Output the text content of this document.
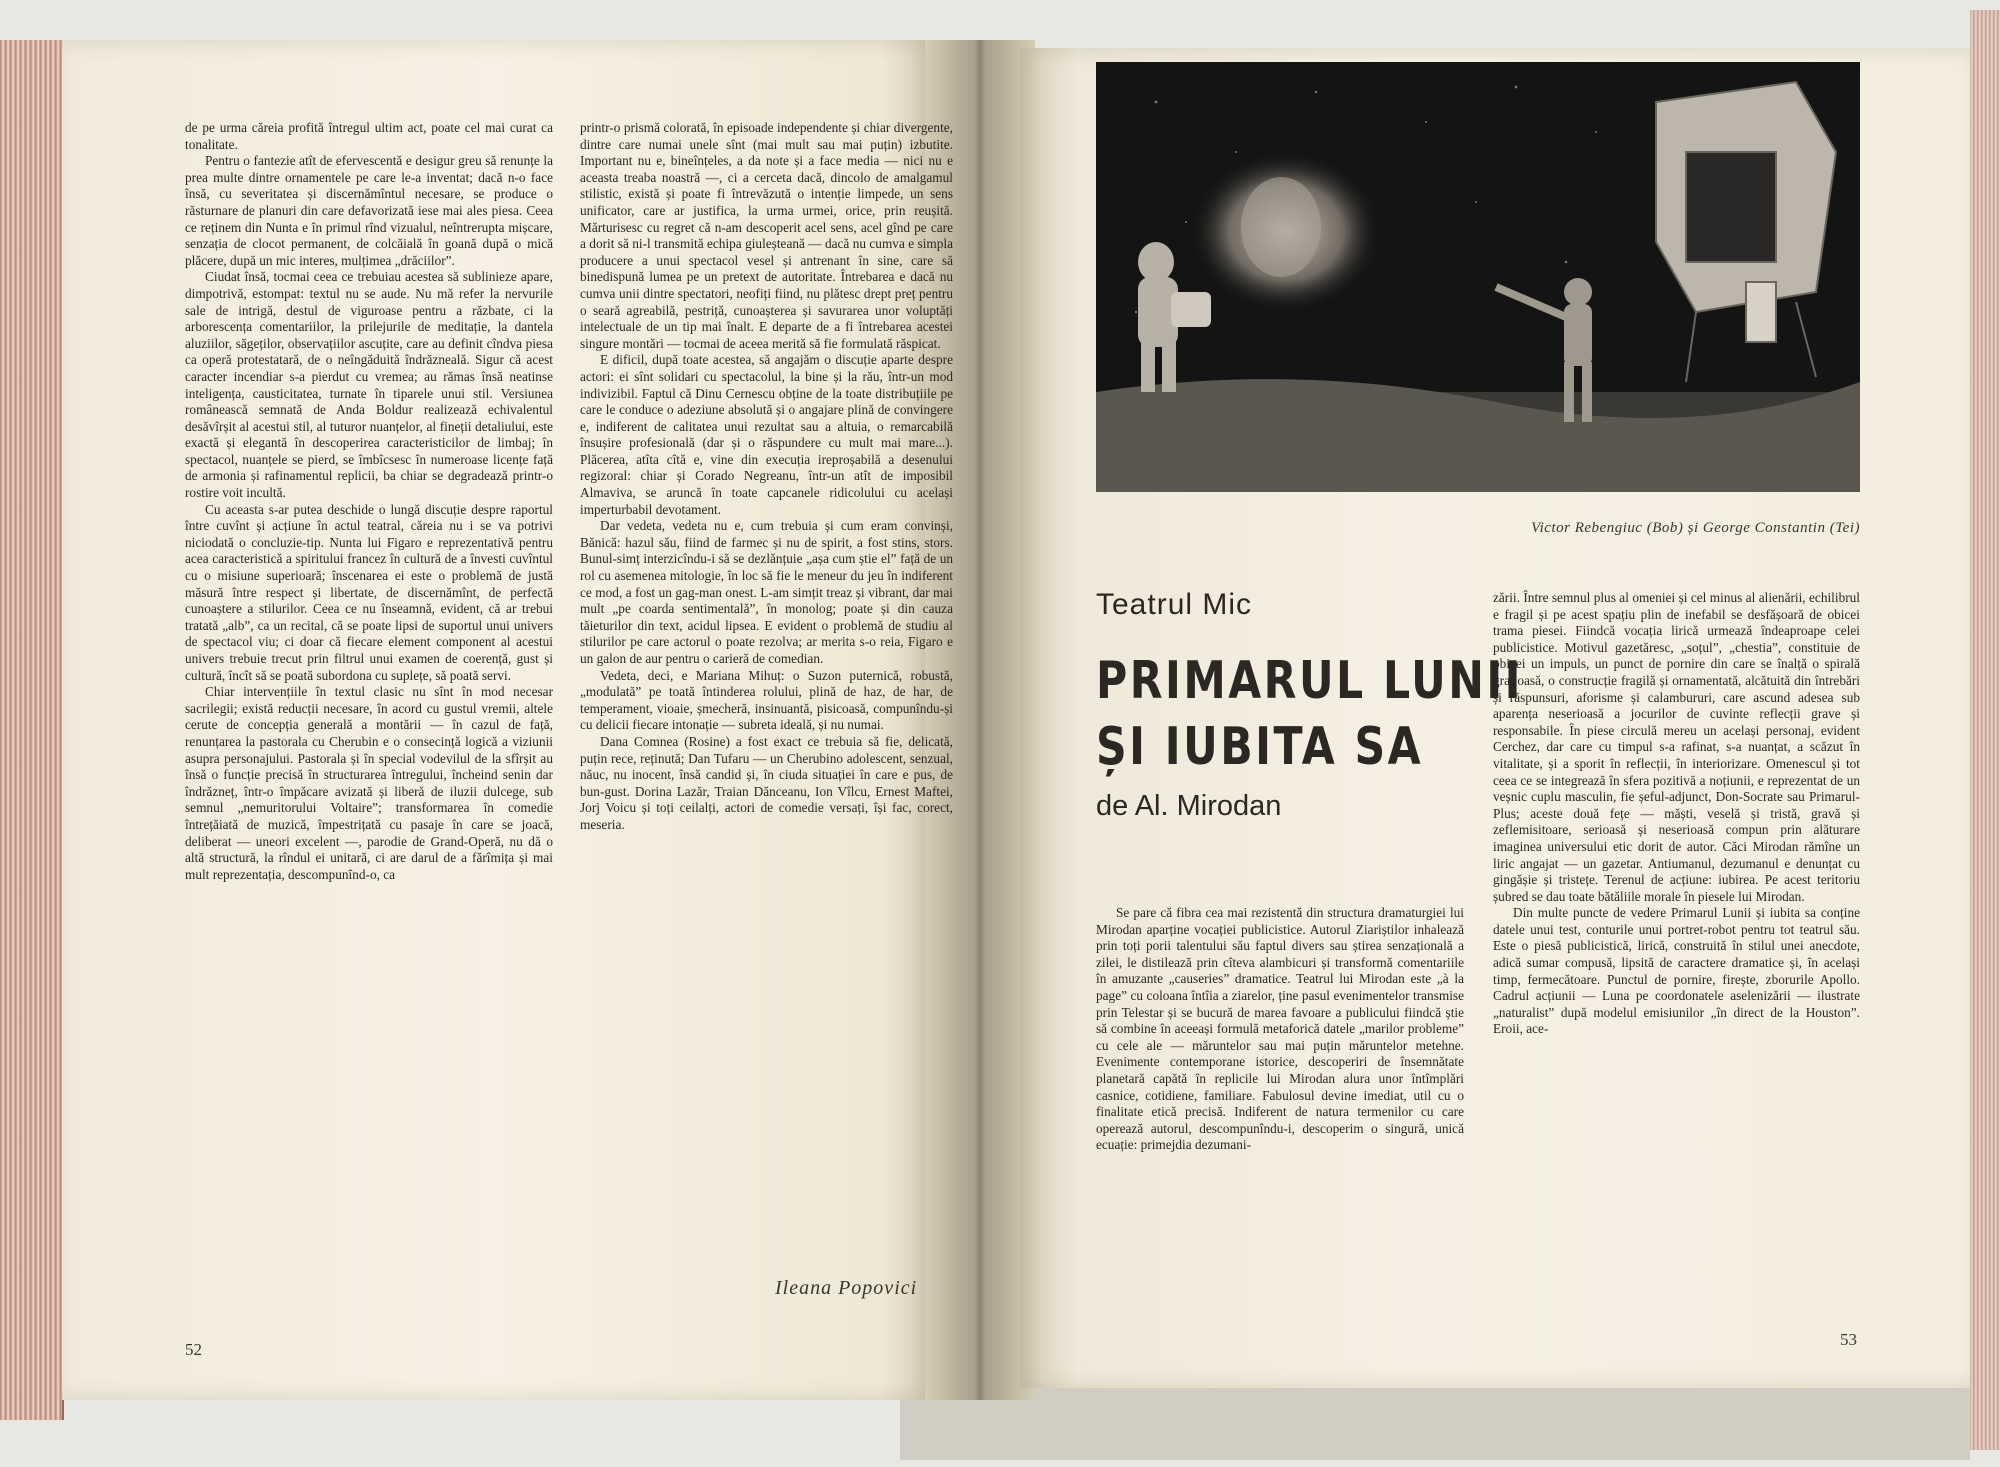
de pe urma căreia profită întregul ultim act, poate cel mai curat ca tonalitate.

Pentru o fantezie atît de efervescentă e desigur greu să renunțe la prea multe dintre ornamentele pe care le-a inventat; dacă n-o face însă, cu severitatea și discernămîntul necesare, se produce o răsturnare de planuri din care defavorizată iese mai ales piesa. Ceea ce reținem din Nunta e în primul rînd vizualul, neîntrerupta mișcare, senzația de clocot permanent, de colcăială în goană după o mică plăcere, după un mic interes, mulțimea „drăciilor”.

Ciudat însă, tocmai ceea ce trebuiau acestea să sublinieze apare, dimpotrivă, estompat: textul nu se aude. Nu mă refer la nervurile sale de intrigă, destul de viguroase pentru a răzbate, ci la arborescența comentariilor, la prilejurile de meditație, la dantela aluziilor, săgeților, observațiilor ascuțite, care au definit cîndva piesa ca operă protestatară, de o neîngăduită îndrăzneală. Sigur că acest caracter incendiar s-a pierdut cu vremea; au rămas însă neatinse inteligența, causticitatea, turnate în tiparele unui stil. Versiunea românească semnată de Anda Boldur realizează echivalentul desăvîrșit al acestui stil, al tuturor nuanțelor, al fineții detaliului, este exactă și elegantă în descoperirea caracteristicilor de limbaj; în spectacol, nuanțele se pierd, se îmbîcsesc în numeroase licențe față de armonia și rafinamentul replicii, ba chiar se degradează printr-o rostire voit incultă.

Cu aceasta s-ar putea deschide o lungă discuție despre raportul între cuvînt și acțiune în actul teatral, căreia nu i se va potrivi niciodată o concluzie-tip. Nunta lui Figaro e reprezentativă pentru acea caracteristică a spiritului francez în cultură de a învesti cuvîntul cu o misiune superioară; înscenarea ei este o problemă de justă măsură între respect și libertate, de discernămînt, de perfectă cunoaștere a stilurilor. Ceea ce nu înseamnă, evident, că ar trebui tratată „alb”, ca un recital, că se poate lipsi de suportul unui univers de spectacol viu; ci doar că fiecare element component al acestui univers trebuie trecut prin filtrul unui examen de coerență, gust și cultură, încît să se poată subordona cu suplețe, să poată servi.

Chiar intervențiile în textul clasic nu sînt în mod necesar sacrilegii; există reducții necesare, în acord cu gustul vremii, altele cerute de concepția generală a montării — în cazul de față, renunțarea la pastorala cu Cherubin e o consecință logică a viziunii asupra personajului. Pastorala și în special vodevilul de la sfîrșit au însă o funcție precisă în structurarea întregului, încheind senin dar îndrăzneț, într-o împăcare avizată și liberă de iluzii dulcege, sub semnul „nemuritorului Voltaire”; transformarea în comedie întrețăiată de muzică, împestrițată cu pasaje în care se joacă, deliberat — uneori excelent —, parodie de Grand-Operă, nu dă o altă structură, la rîndul ei unitară, ci are darul de a fărîmița și mai mult reprezentația, descompunînd-o, ca

printr-o prismă colorată, în episoade independente și chiar divergente, dintre care numai unele sînt (mai mult sau mai puțin) izbutite. Important nu e, bineînțeles, a da note și a face media — nici nu e aceasta treaba noastră —, ci a cerceta dacă, dincolo de amalgamul stilistic, există și poate fi întrevăzută o intenție limpede, un sens unificator, care ar justifica, la urma urmei, orice, prin reușită. Mărturisesc cu regret că n-am descoperit acel sens, acel gînd pe care a dorit să ni-l transmită echipa giuleșteană — dacă nu cumva e simpla producere a unui spectacol vesel și antrenant în sine, care să binedispună lumea pe un pretext de autoritate. Întrebarea e dacă nu cumva unii dintre spectatori, neofiți fiind, nu plătesc drept preț pentru o seară agreabilă, pestriță, cunoașterea și savurarea unor voluptăți intelectuale de un tip mai înalt. E departe de a fi întrebarea acestei singure montări — tocmai de aceea merită să fie formulată răspicat.

E dificil, după toate acestea, să angajăm o discuție aparte despre actori: ei sînt solidari cu spectacolul, la bine și la rău, într-un mod indivizibil. Faptul că Dinu Cernescu obține de la toate distribuțiile pe care le conduce o adeziune absolută și o angajare plină de convingere e, indiferent de calitatea unui rezultat sau a altuia, o remarcabilă însușire profesională (dar și o răspundere cu mult mai mare...). Plăcerea, atîta cîtă e, vine din execuția ireproșabilă a desenului regizoral: chiar și Corado Negreanu, într-un atît de imposibil Almaviva, se aruncă în toate capcanele ridicolului cu același imperturbabil devotament.

Dar vedeta, vedeta nu e, cum trebuia și cum eram convinși, Bănică: hazul său, fiind de farmec și nu de spirit, a fost stins, stors. Bunul-simț interzicîndu-i să se dezlănțuie „așa cum știe el” față de un rol cu asemenea mitologie, în loc să fie le meneur du jeu în indiferent ce mod, a fost un gag-man onest. L-am simțit treaz și vibrant, dar mai mult „pe coarda sentimentală”, în monolog; poate și din cauza tăieturilor din text, acidul lipsea. E evident o problemă de studiu al stilurilor pe care actorul o poate rezolva; ar merita s-o reia, Figaro e un galon de aur pentru o carieră de comedian.

Vedeta, deci, e Mariana Mihuț: o Suzon puternică, robustă, „modulată” pe toată întinderea rolului, plină de haz, de har, de temperament, vioaie, șmecheră, insinuantă, pisicoasă, compunîndu-și cu delicii fiecare intonație — subreta ideală, și nu numai.

Dana Comnea (Rosine) a fost exact ce trebuia să fie, delicată, puțin rece, reținută; Dan Tufaru — un Cherubino adolescent, senzual, năuc, nu inocent, însă candid și, în ciuda situației în care e pus, de bun-gust. Dorina Lazăr, Traian Dănceanu, Ion Vîlcu, Ernest Maftei, Jorj Voicu și toți ceilalți, actori de comedie versați, își fac, corect, meseria.

Ileana Popovici
52
Victor Rebengiuc (Bob) și George Constantin (Tei)
Teatrul Mic
PRIMARUL LUNII
ȘI IUBITA SA
de Al. Mirodan

Se pare că fibra cea mai rezistentă din structura dramaturgiei lui Mirodan aparține vocației publicistice. Autorul Ziariștilor inhalează prin toți porii talentului său faptul divers sau știrea senzațională a zilei, le distilează prin cîteva alambicuri și transformă comentariile în amuzante „causeries” dramatice. Teatrul lui Mirodan este „à la page” cu coloana întîia a ziarelor, ține pasul evenimentelor transmise prin Telestar și se bucură de marea favoare a publicului fiindcă știe să combine în aceeași formulă metaforică datele „marilor probleme” cu cele ale — măruntelor sau mai puțin măruntelor metehne. Evenimente contemporane istorice, descoperiri de însemnătate planetară capătă în replicile lui Mirodan alura unor întîmplări casnice, cotidiene, familiare. Fabulosul devine imediat, util cu o finalitate etică precisă. Indiferent de natura termenilor cu care operează autorul, descompunîndu-i, descoperim o singură, unică ecuație: primejdia dezumani-

zării. Între semnul plus al omeniei și cel minus al alienării, echilibrul e fragil și pe acest spațiu plin de inefabil se desfășoară de obicei trama piesei. Fiindcă vocația lirică urmează îndeaproape celei publicistice. Motivul gazetăresc, „soțul”, „chestia”, constituie de obicei un impuls, un punct de pornire din care se înalță o spirală grațioasă, o construcție fragilă și ornamentată, alcătuită din întrebări și răspunsuri, aforisme și calambururi, care ascund adesea sub aparența neserioasă a jocurilor de cuvinte reflecții grave și responsabile. În piese circulă mereu un același personaj, evident Cerchez, dar care cu timpul s-a rafinat, s-a nuanțat, a scăzut în vitalitate, și a sporit în reflecții, în interiorizare. Omenescul și tot ceea ce se integrează în sfera pozitivă a noțiunii, e reprezentat de un veșnic cuplu masculin, fie șeful-adjunct, Don-Socrate sau Primarul-Plus; aceste două fețe — măști, veselă și tristă, gravă și zeflemisitoare, serioasă și neserioasă compun prin alăturare imaginea universului etic dorit de autor. Căci Mirodan rămîne un liric angajat — un gazetar. Antiumanul, dezumanul e denunțat cu gingășie și tristețe. Terenul de acțiune: iubirea. Pe acest teritoriu șubred se dau toate bătăliile morale în piesele lui Mirodan.

Din multe puncte de vedere Primarul Lunii și iubita sa conține datele unui test, conturile unui portret-robot pentru tot teatrul său. Este o piesă publicistică, lirică, construită în stilul unei anecdote, adică sumar compusă, lipsită de caractere dramatice și, în același timp, fermecătoare. Punctul de pornire, firește, zborurile Apollo. Cadrul acțiunii — Luna pe coordonatele aselenizării — ilustrate „naturalist” după modelul emisiunilor „în direct de la Houston”. Eroii, ace-

53
